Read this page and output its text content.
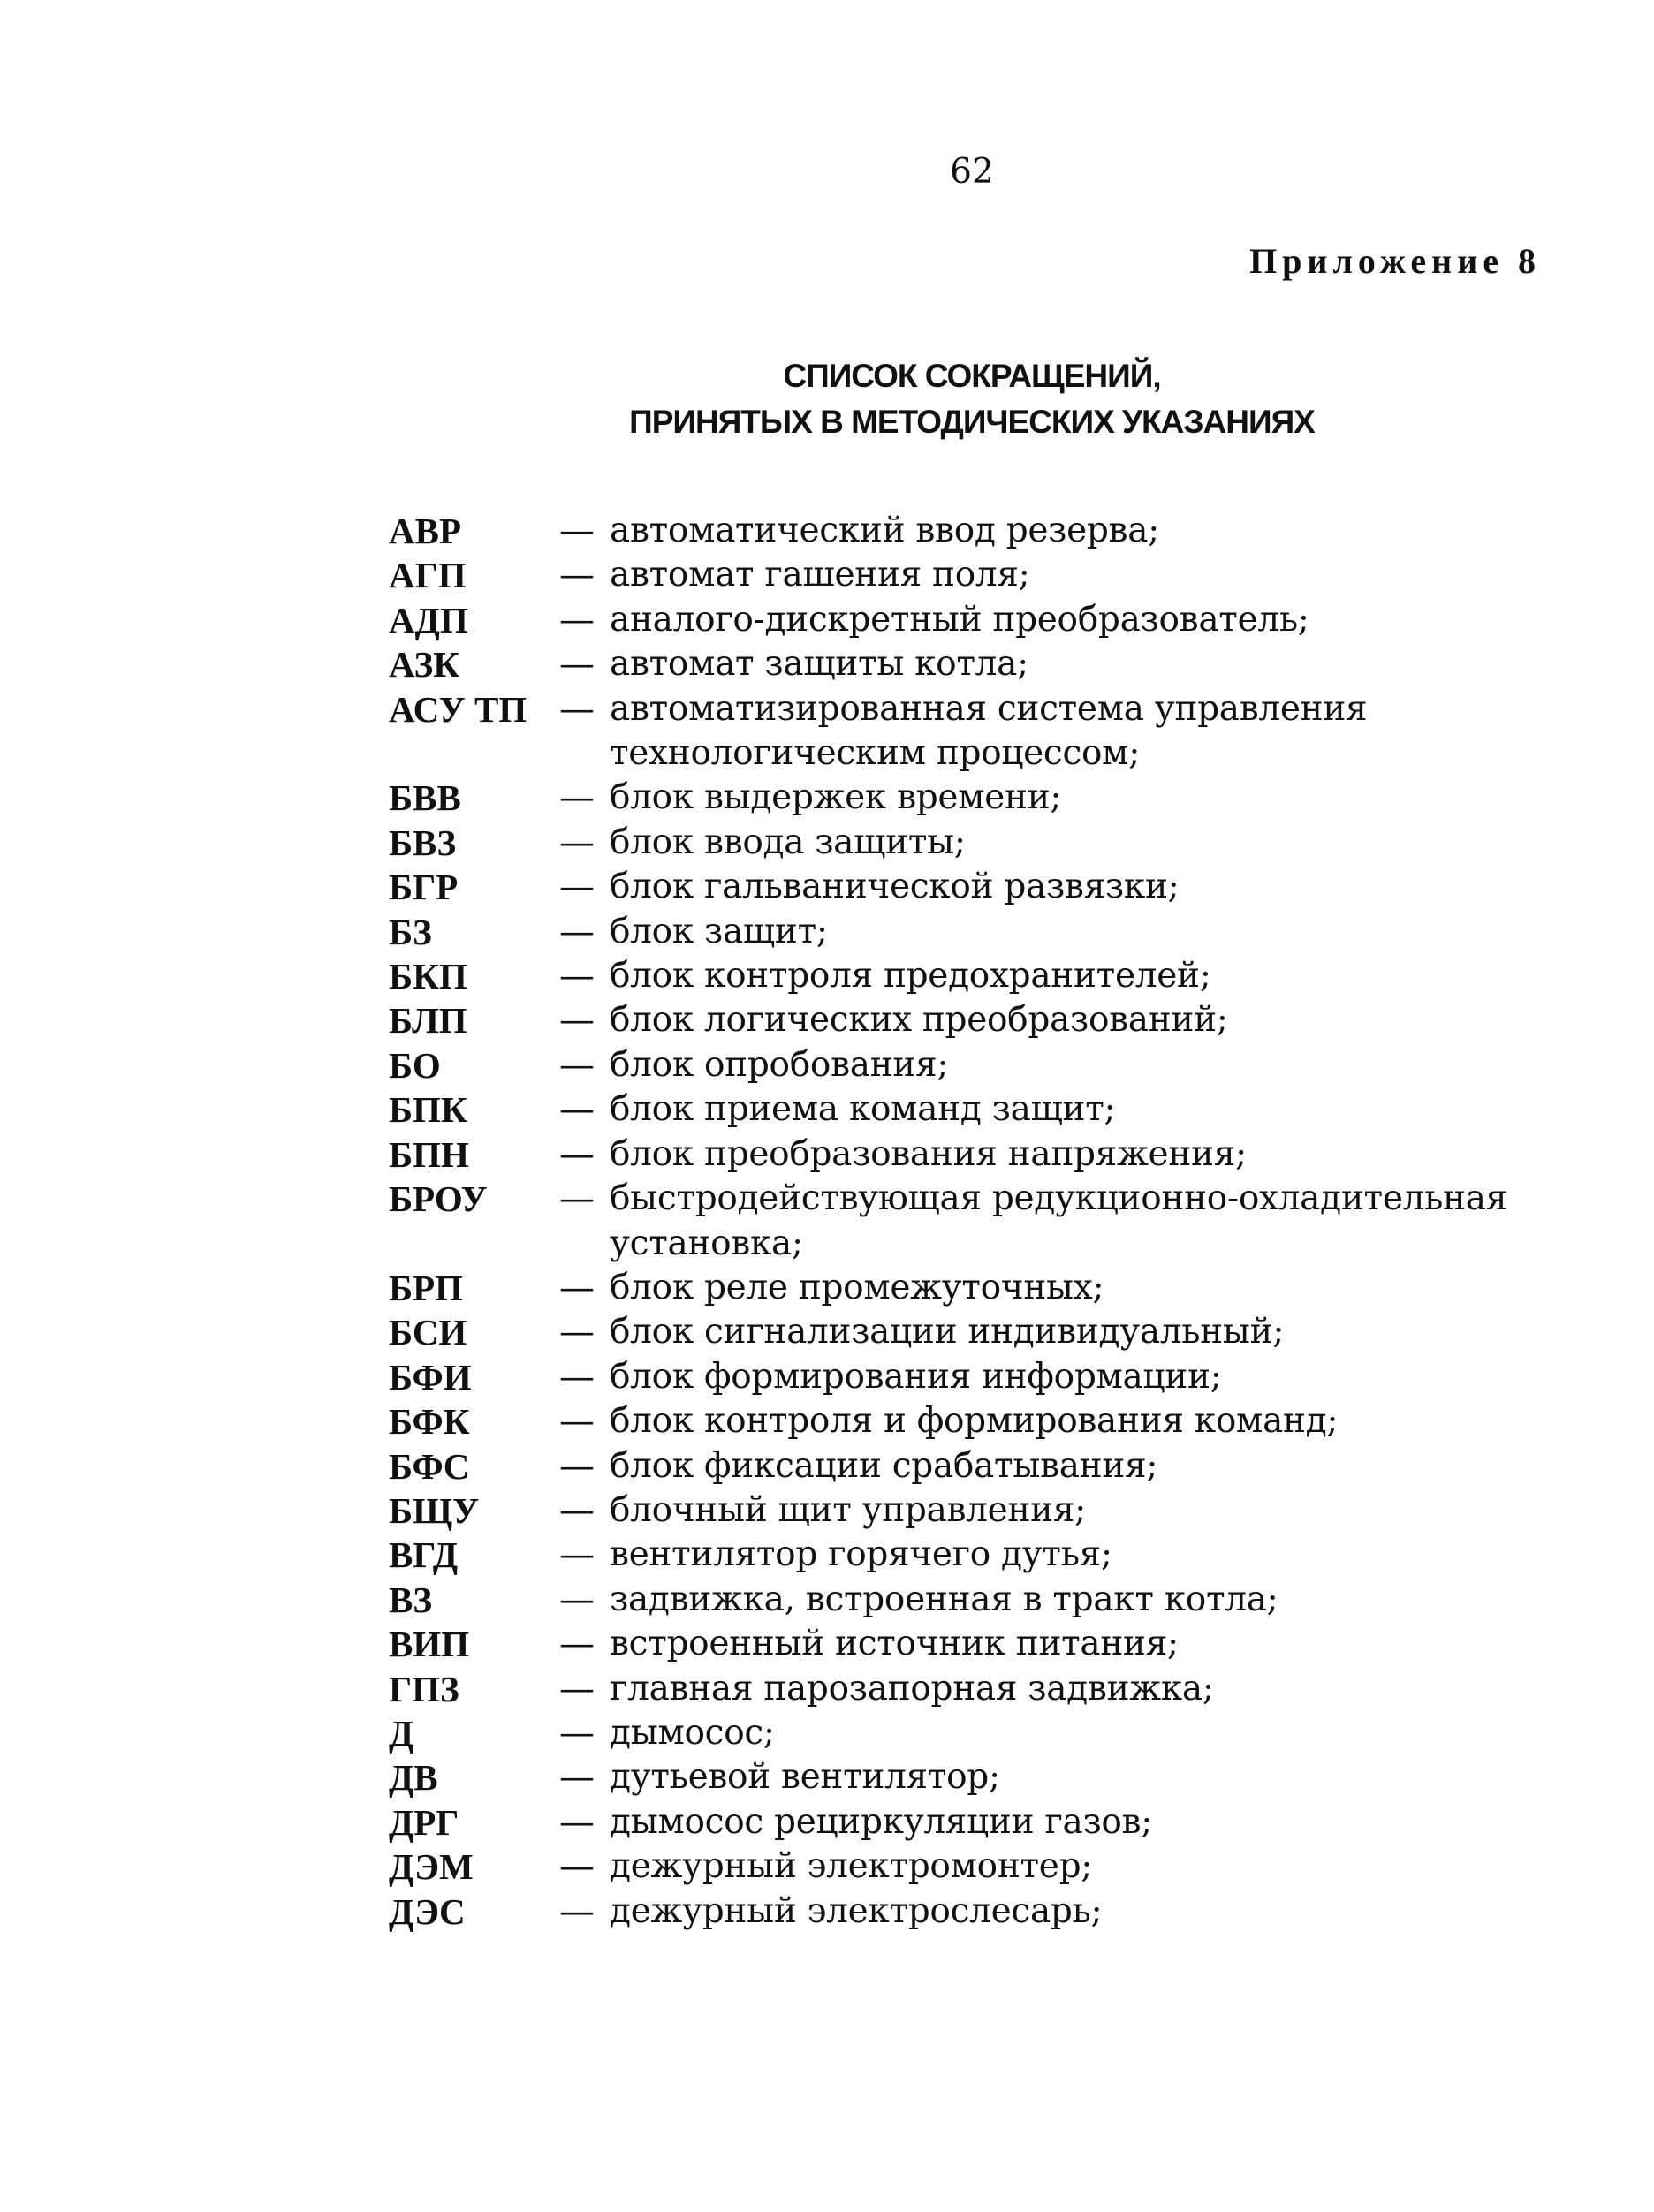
62
Приложение 8
СПИСОК СОКРАЩЕНИЙ,
ПРИНЯТЫХ В МЕТОДИЧЕСКИХ УКАЗАНИЯХ
АВР	— автоматический ввод резерва;
АГП	— автомат гашения поля;
АДП	— аналого-дискретный преобразователь;
АЗК	— автомат защиты котла;
АСУ ТП — автоматизированная система управления технологическим процессом;
БВВ	— блок выдержек времени;
БВЗ	— блок ввода защиты;
БГР	— блок гальванической развязки;
БЗ	— блок защит;
БКП	— блок контроля предохранителей;
БЛП	— блок логических преобразований;
БО	— блок опробования;
БПК	— блок приема команд защит;
БПН	— блок преобразования напряжения;
БРОУ	— быстродействующая редукционно-охладительная установка;
БРП	— блок реле промежуточных;
БСИ	— блок сигнализации индивидуальный;
БФИ	— блок формирования информации;
БФК	— блок контроля и формирования команд;
БФС	— блок фиксации срабатывания;
БЩУ	— блочный щит управления;
ВГД	— вентилятор горячего дутья;
ВЗ	— задвижка, встроенная в тракт котла;
ВИП	— встроенный источник питания;
ГПЗ	— главная парозапорная задвижка;
Д	— дымосос;
ДВ	— дутьевой вентилятор;
ДРГ	— дымосос рециркуляции газов;
ДЭМ	— дежурный электромонтер;
ДЭС	— дежурный электрослесарь;
